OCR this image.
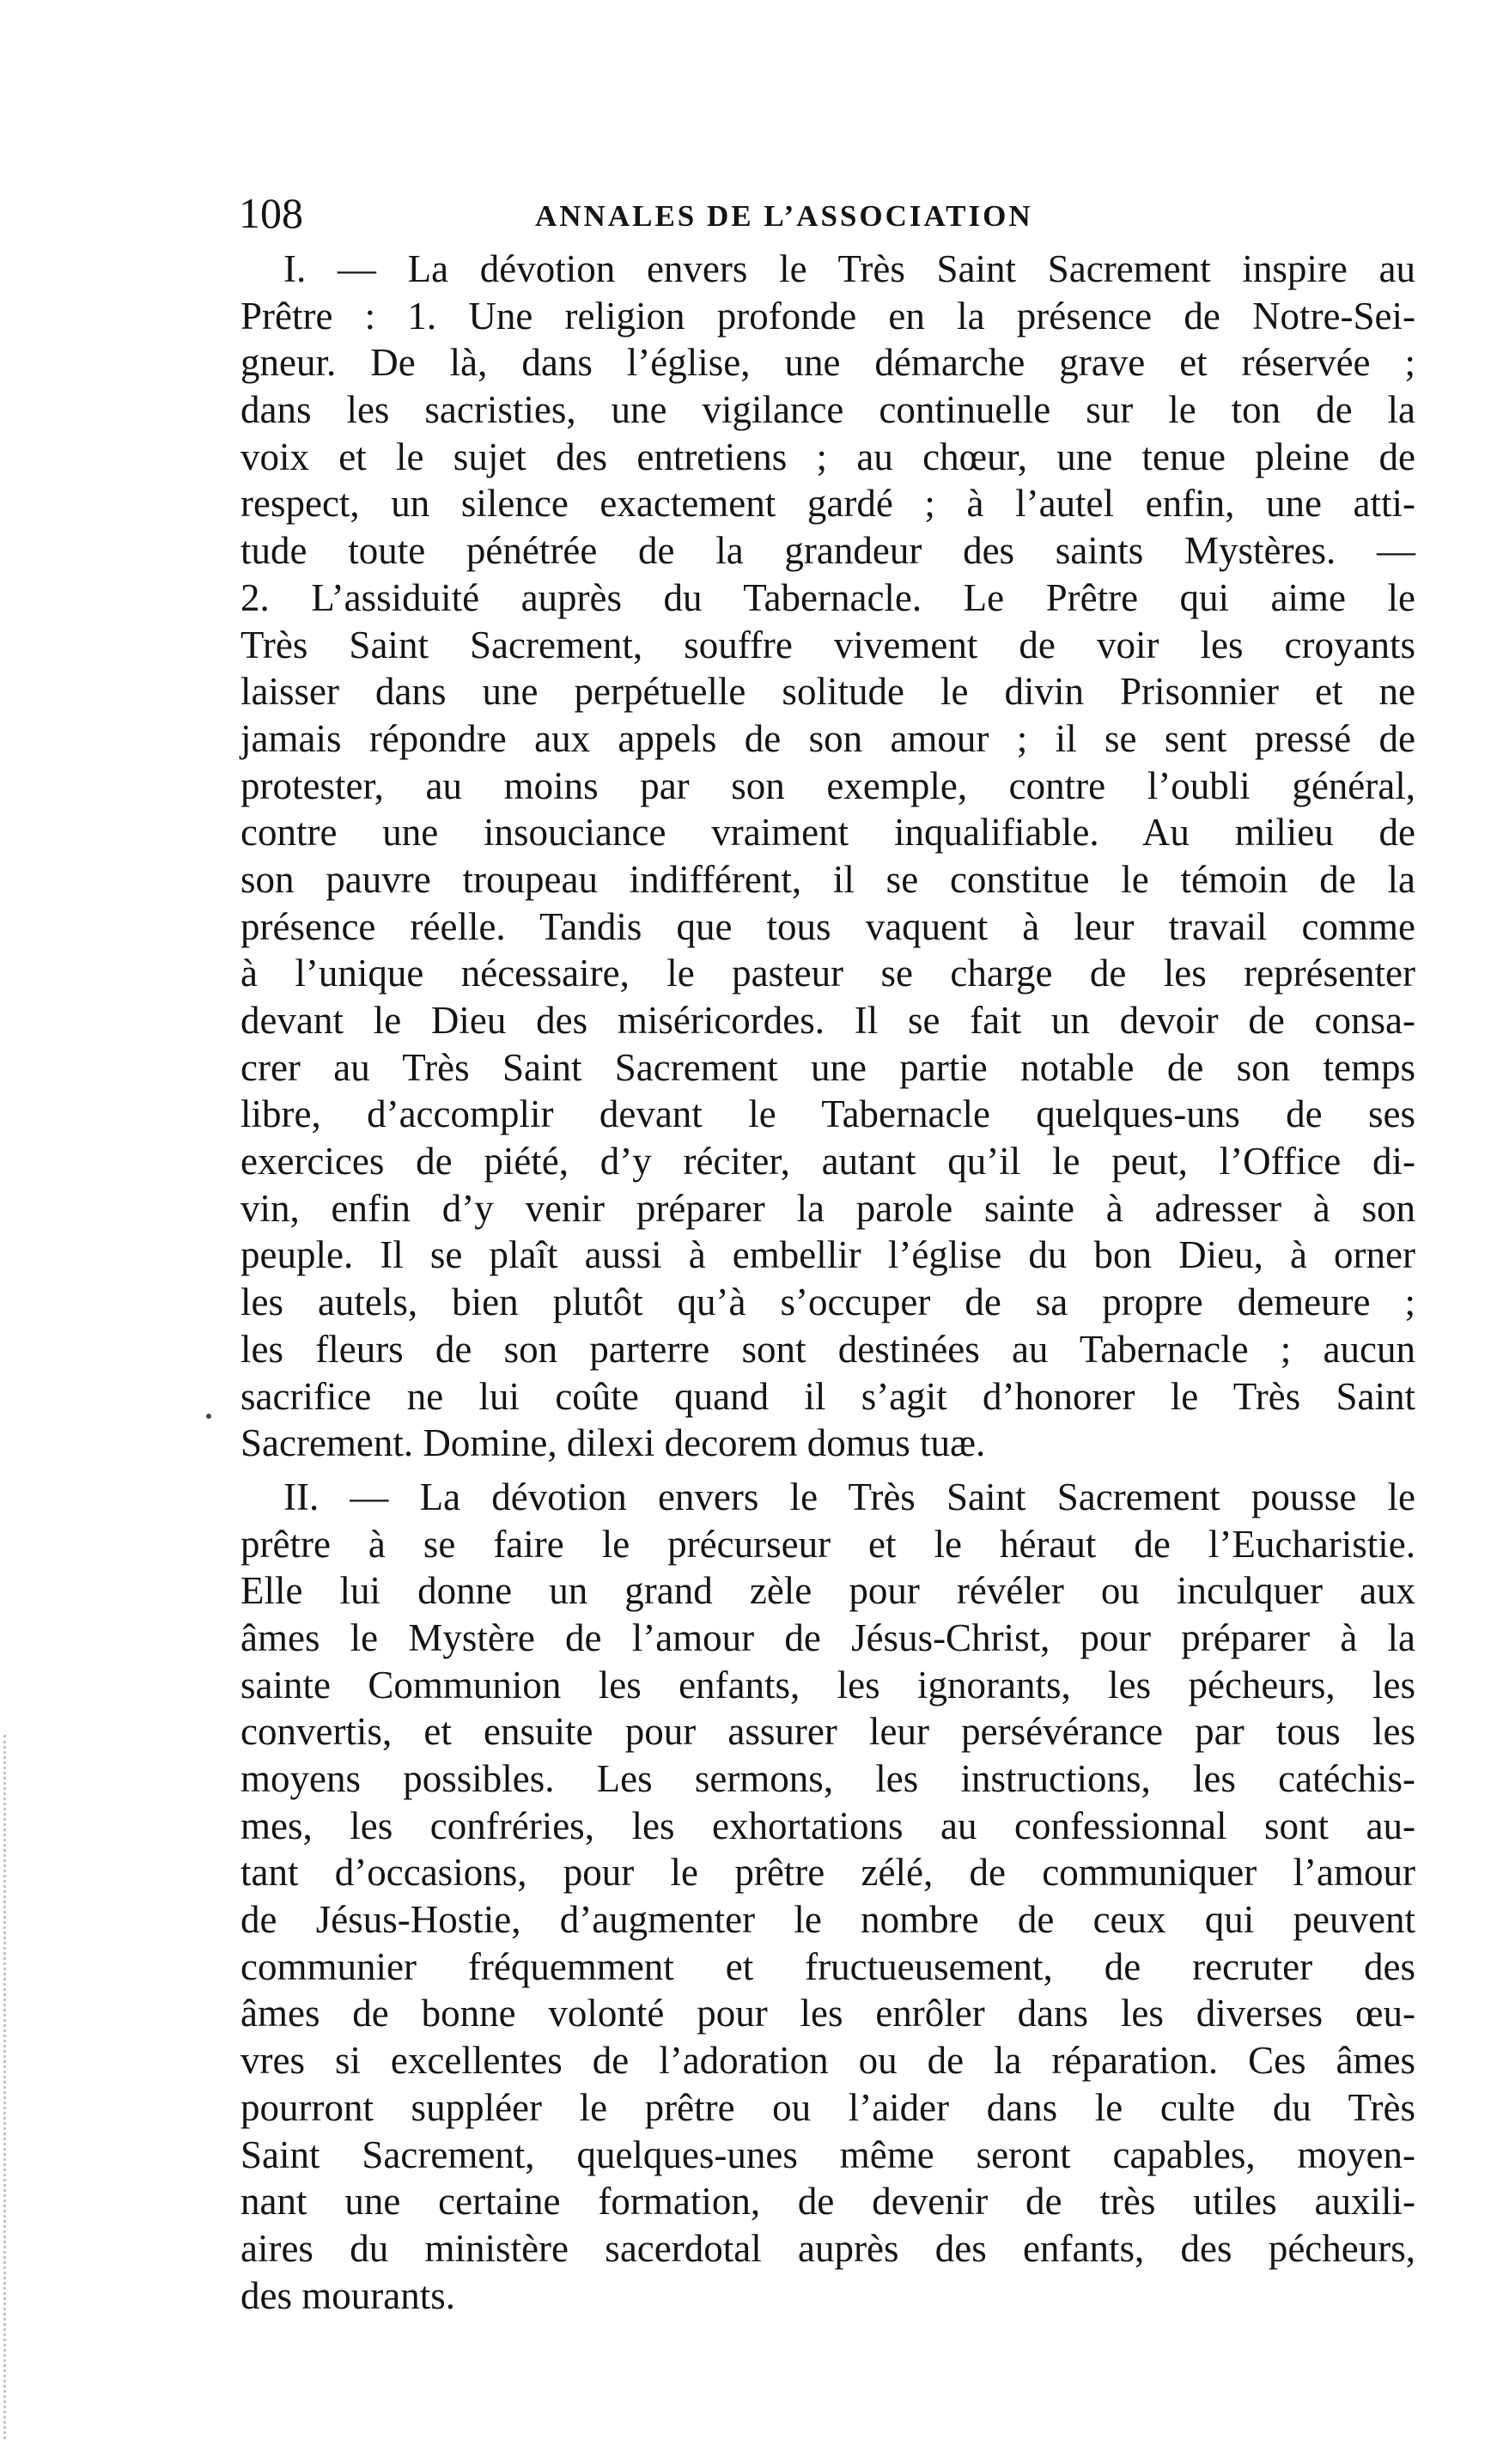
108	ANNALES DE L’ASSOCIATION
I. — La dévotion envers le Très Saint Sacrement inspire au
Prêtre : 1. Une religion profonde en la présence de Notre-Sei-
gneur. De là, dans l’église, une démarche grave et réservée ;
dans les sacristies, une vigilance continuelle sur le ton de la
voix et le sujet des entretiens ; au chœur, une tenue pleine de
respect, un silence exactement gardé ; à l’autel enfin, une atti-
tude toute pénétrée de la grandeur des saints Mystères. —
2. L’assiduité auprès du Tabernacle. Le Prêtre qui aime le
Très Saint Sacrement, souffre vivement de voir les croyants
laisser dans une perpétuelle solitude le divin Prisonnier et ne
jamais répondre aux appels de son amour ; il se sent pressé de
protester, au moins par son exemple, contre l’oubli général,
contre une insouciance vraiment inqualifiable. Au milieu de
son pauvre troupeau indifférent, il se constitue le témoin de la
présence réelle. Tandis que tous vaquent à leur travail comme
à l’unique nécessaire, le pasteur se charge de les représenter
devant le Dieu des miséricordes. Il se fait un devoir de consa-
crer au Très Saint Sacrement une partie notable de son temps
libre, d’accomplir devant le Tabernacle quelques-uns de ses
exercices de piété, d’y réciter, autant qu’il le peut, l’Office di-
vin, enfin d’y venir préparer la parole sainte à adresser à son
peuple. Il se plaît aussi à embellir l’église du bon Dieu, à orner
les autels, bien plutôt qu’à s’occuper de sa propre demeure ;
les fleurs de son parterre sont destinées au Tabernacle ; aucun
sacrifice ne lui coûte quand il s’agit d’honorer le Très Saint
Sacrement. Domine, dilexi decorem domus tuæ.
II. — La dévotion envers le Très Saint Sacrement pousse le
prêtre à se faire le précurseur et le héraut de l’Eucharistie.
Elle lui donne un grand zèle pour révéler ou inculquer aux
âmes le Mystère de l’amour de Jésus-Christ, pour préparer à la
sainte Communion les enfants, les ignorants, les pécheurs, les
convertis, et ensuite pour assurer leur persévérance par tous les
moyens possibles. Les sermons, les instructions, les catéchis-
mes, les confréries, les exhortations au confessionnal sont au-
tant d’occasions, pour le prêtre zélé, de communiquer l’amour
de Jésus-Hostie, d’augmenter le nombre de ceux qui peuvent
communier fréquemment et fructueusement, de recruter des
âmes de bonne volonté pour les enrôler dans les diverses œu-
vres si excellentes de l’adoration ou de la réparation. Ces âmes
pourront suppléer le prêtre ou l’aider dans le culte du Très
Saint Sacrement, quelques-unes même seront capables, moyen-
nant une certaine formation, de devenir de très utiles auxili-
aires du ministère sacerdotal auprès des enfants, des pécheurs,
des mourants.
